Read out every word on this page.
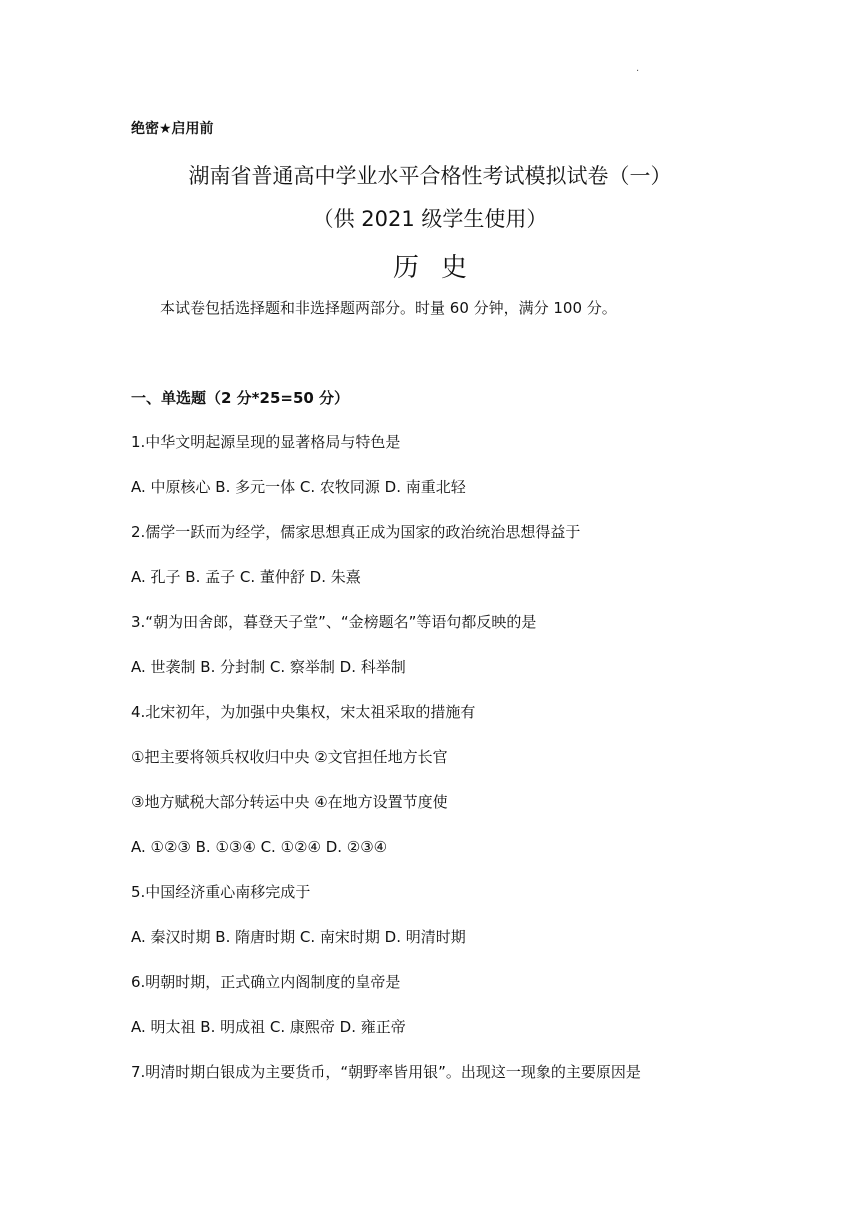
·
绝密★启用前
湖南省普通高中学业水平合格性考试模拟试卷（一）
（供 2021 级学生使用）
历史
本试卷包括选择题和非选择题两部分。时量 60 分钟，满分 100 分。
一、单选题（2 分*25=50 分）
1.中华文明起源呈现的显著格局与特色是
A. 中原核心 B. 多元一体 C. 农牧同源 D. 南重北轻
2.儒学一跃而为经学，儒家思想真正成为国家的政治统治思想得益于
A. 孔子 B. 孟子 C. 董仲舒 D. 朱熹
3.“朝为田舍郎，暮登天子堂”、“金榜题名”等语句都反映的是
A. 世袭制 B. 分封制 C. 察举制 D. 科举制
4.北宋初年，为加强中央集权，宋太祖采取的措施有
①把主要将领兵权收归中央 ②文官担任地方长官
③地方赋税大部分转运中央 ④在地方设置节度使
A. ①②③ B. ①③④ C. ①②④ D. ②③④
5.中国经济重心南移完成于
A. 秦汉时期 B. 隋唐时期 C. 南宋时期 D. 明清时期
6.明朝时期，正式确立内阁制度的皇帝是
A. 明太祖 B. 明成祖 C. 康熙帝 D. 雍正帝
7.明清时期白银成为主要货币，“朝野率皆用银”。出现这一现象的主要原因是
